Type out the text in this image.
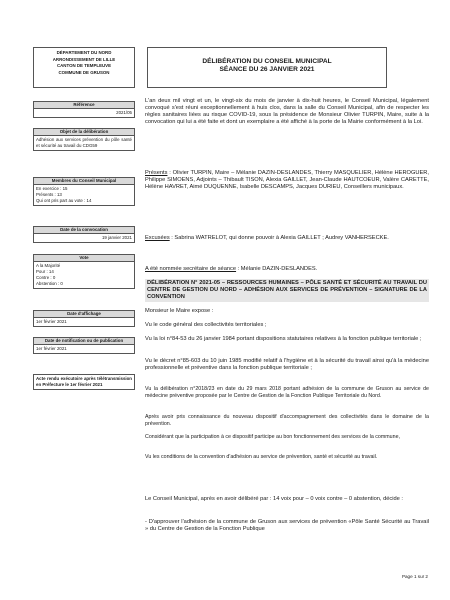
DÉPARTEMENT DU NORD
ARRONDISSEMENT DE LILLE
CANTON DE TEMPLEUVE
COMMUNE DE GRUSON
DÉLIBÉRATION DU CONSEIL MUNICIPAL
SÉANCE DU 26 JANVIER 2021
Référence
2021/05
Objet de la délibération
Adhésion aux services prévention du pôle santé et sécurité au travail du CDG59
Membres du Conseil Municipal
En exercice : 15
Présents : 13
Qui ont pris part au vote : 14
Date de la convocation
19 janvier 2021
Vote
A la Majorité
Pour : 14
Contre : 0
Abstention : 0
Date d'affichage
1er février 2021
Date de notification ou de publication
1er février 2021
Acte rendu exécutoire après télétransmission en Préfecture le 1er février 2021

L'an deux mil vingt et un, le vingt-six du mois de janvier à dix-huit heures, le Conseil Municipal, légalement convoqué s'est réuni exceptionnellement à huis clos, dans la salle du Conseil Municipal, afin de respecter les règles sanitaires liées au risque COVID-19, sous la présidence de Monsieur Olivier TURPIN, Maire, suite à la convocation qui lui a été faite et dont un exemplaire a été affiché à la porte de la Mairie conformément à la Loi.

Présents : Olivier TURPIN, Maire – Mélanie DAZIN-DESLANDES, Thierry MASQUELIER, Hélène HEROGUER, Philippe SIMOENS, Adjoints – Thibault TISON, Alexia GAILLET, Jean-Claude HAUTCOEUR, Valère CARETTE, Hélène HAVRET, Aimé DUQUENNE, Isabelle DESCAMPS, Jacques DURIEU, Conseillers municipaux.

Excusées : Sabrina WATRELOT, qui donne pouvoir à Alexia GAILLET ; Audrey VANHERSECKE.

A été nommée secrétaire de séance : Mélanie DAZIN-DESLANDES.

DÉLIBÉRATION N° 2021-05 – RESSOURCES HUMAINES – PÔLE SANTÉ ET SÉCURITÉ AU TRAVAIL DU CENTRE DE GESTION DU NORD – ADHÉSION AUX SERVICES DE PRÉVENTION – SIGNATURE DE LA CONVENTION

Monsieur le Maire expose :

Vu le code général des collectivités territoriales ;

Vu la loi n°84-53 du 26 janvier 1984 portant dispositions statutaires relatives à la fonction publique territoriale ;

Vu le décret n°85-603 du 10 juin 1985 modifié relatif à l'hygiène et à la sécurité du travail ainsi qu'à la médecine professionnelle et préventive dans la fonction publique territoriale ;

Vu la délibération n°2018/23 en date du 29 mars 2018 portant adhésion de la commune de Gruson au service de médecine préventive proposée par le Centre de Gestion de la Fonction Publique Territoriale du Nord.

Après avoir pris connaissance du nouveau dispositif d'accompagnement des collectivités dans le domaine de la prévention.

Considérant que la participation à ce dispositif participe au bon fonctionnement des services de la commune,

Vu les conditions de la convention d'adhésion au service de prévention, santé et sécurité au travail.

Le Conseil Municipal, après en avoir délibéré par : 14 voix pour – 0 voix contre – 0 abstention, décide :

- D'approuver l'adhésion de la commune de Gruson aux services de prévention «Pôle Santé Sécurité au Travail » du Centre de Gestion de la Fonction Publique

Page 1 sur 2
